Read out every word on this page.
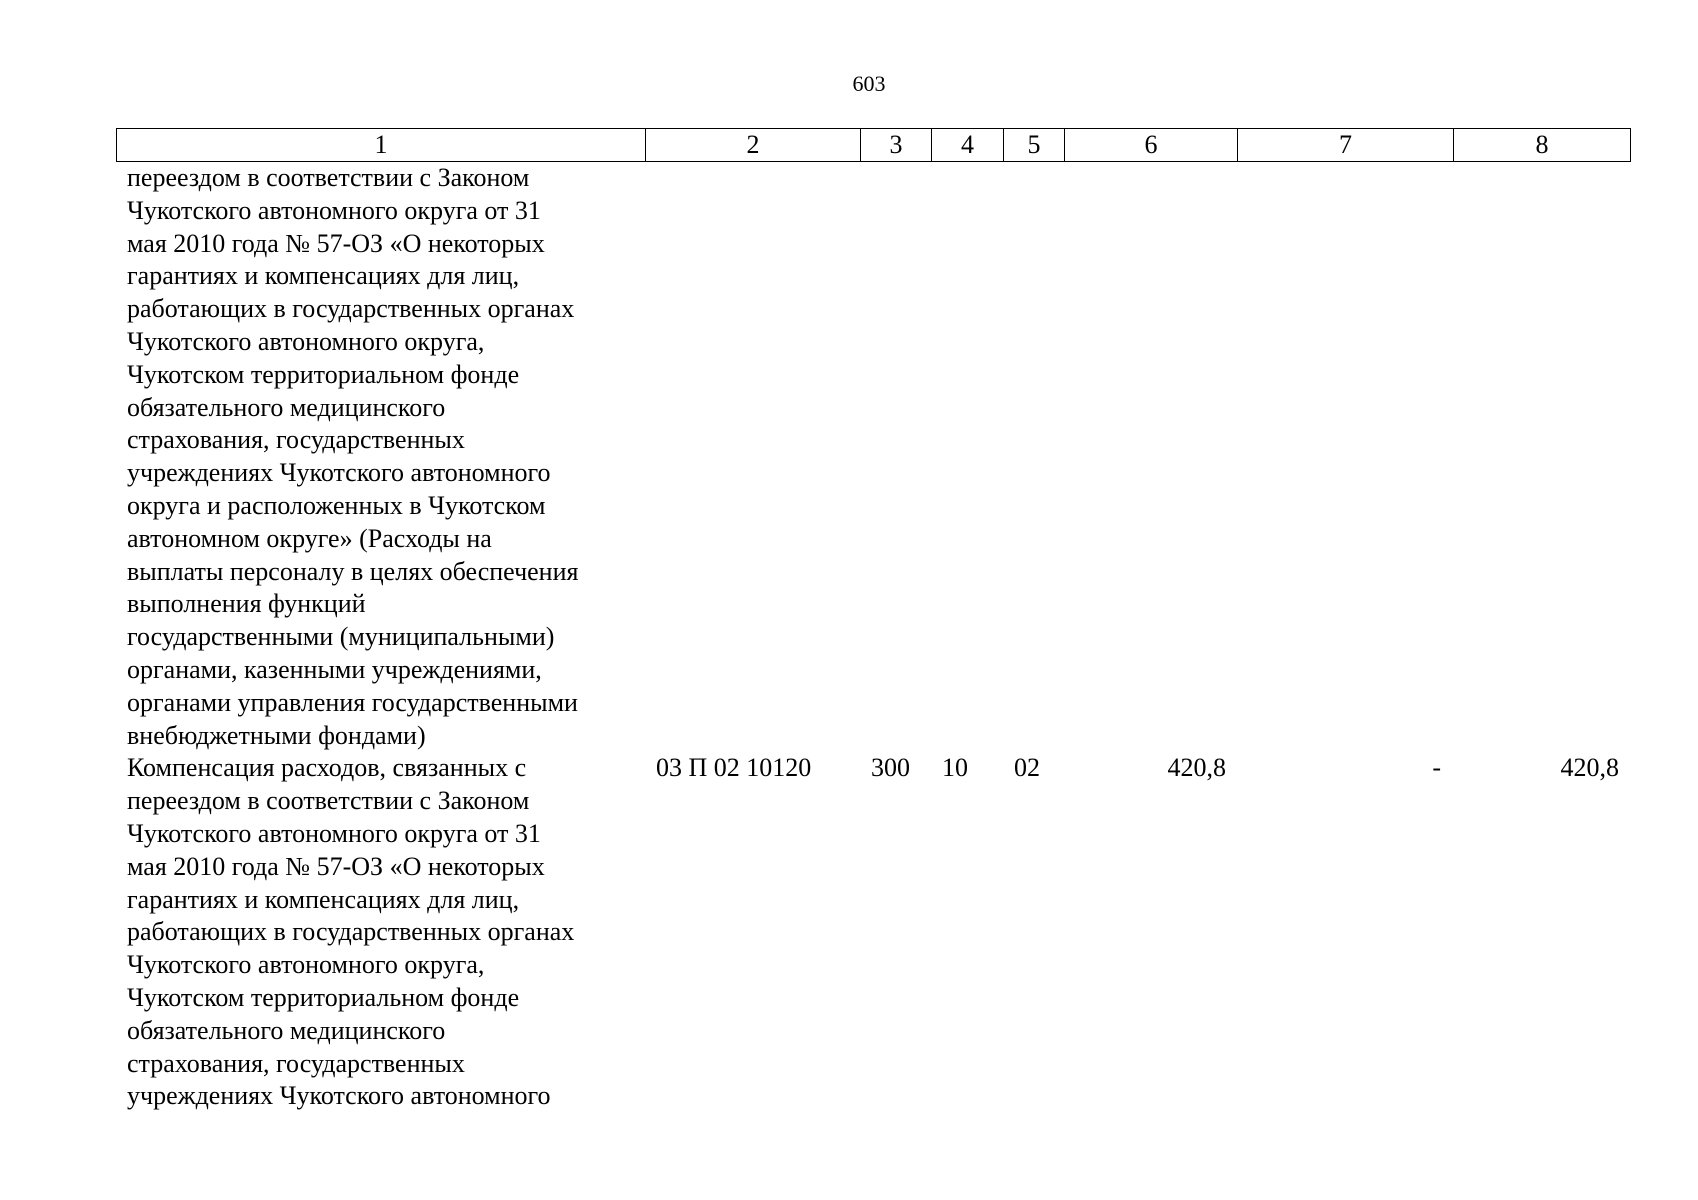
603
1	2	3	4	5	6	7	8
переездом в соответствии с Законом
Чукотского автономного округа от 31
мая 2010 года № 57-ОЗ «О некоторых
гарантиях и компенсациях для лиц,
работающих в государственных органах
Чукотского автономного округа,
Чукотском территориальном фонде
обязательного медицинского
страхования, государственных
учреждениях Чукотского автономного
округа и расположенных в Чукотском
автономном округе» (Расходы на
выплаты персоналу в целях обеспечения
выполнения функций
государственными (муниципальными)
органами, казенными учреждениями,
органами управления государственными
внебюджетными фондами)
Компенсация расходов, связанных с
переездом в соответствии с Законом
Чукотского автономного округа от 31
мая 2010 года № 57-ОЗ «О некоторых
гарантиях и компенсациях для лиц,
работающих в государственных органах
Чукотского автономного округа,
Чукотском территориальном фонде
обязательного медицинского
страхования, государственных
учреждениях Чукотского автономного
03 П 02 10120	300	10	02	420,8	-	420,8
